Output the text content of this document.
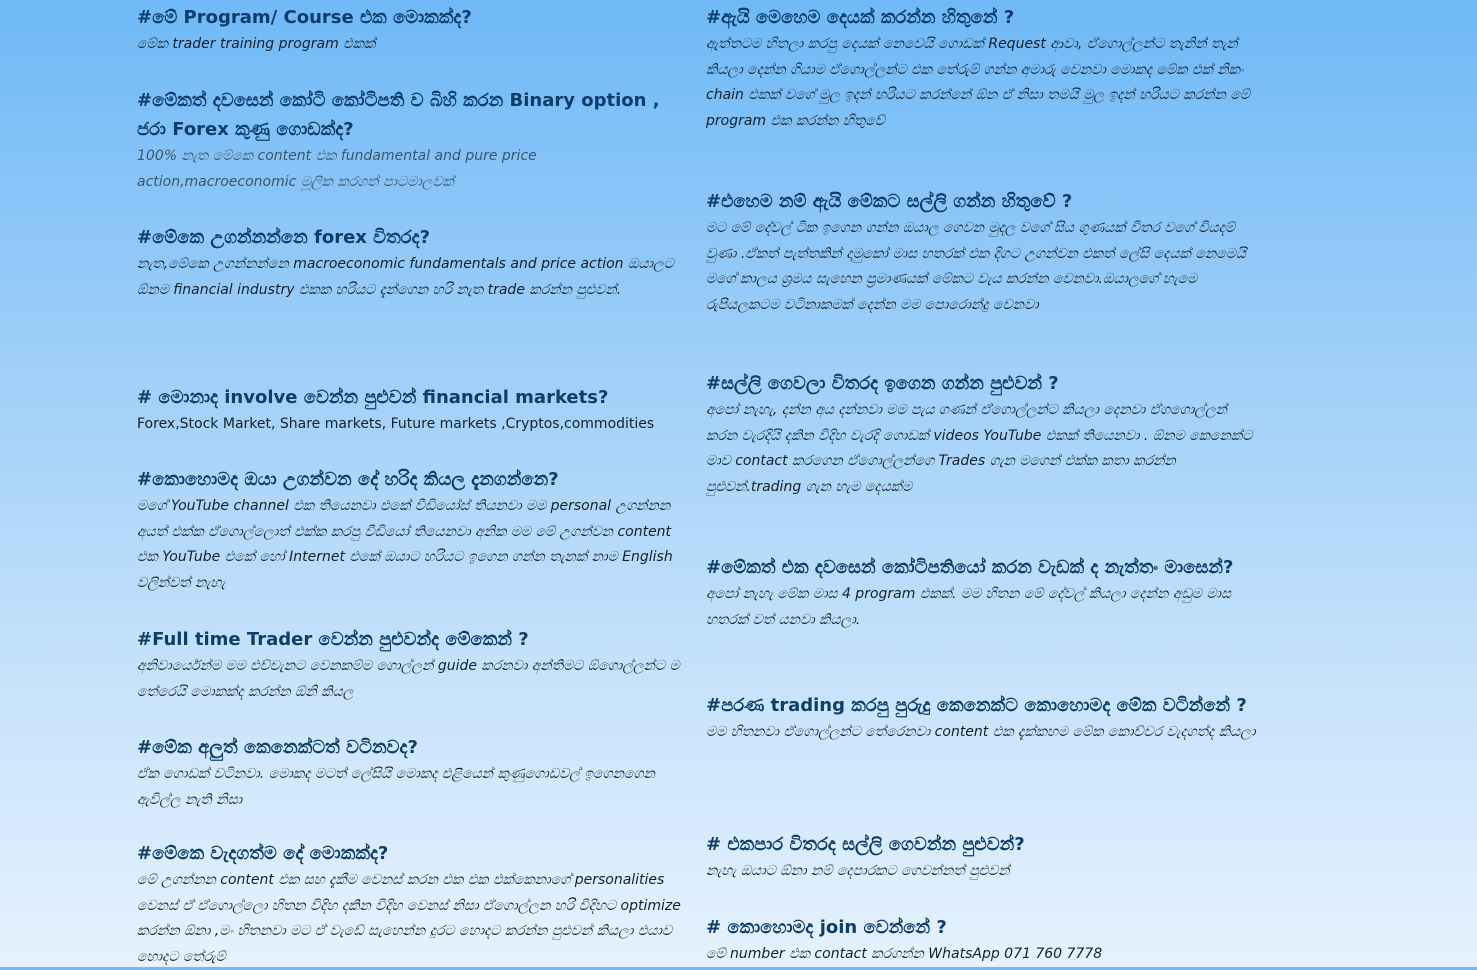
#මේ Program/ Course එක මොකක්ද?

මේක trader training program එකක්

#මේකත් දවසෙන් කෝටි කෝටිපති ව බිහි කරන Binary option , ජරා Forex කුණු ගොඩක්ද?

100% නැත මේකෙ content එක fundamental and pure price action,macroeconomic මූලික කරගත් පාටමාලවක්

#මේකෙ උගන්නන්නෙ forex විතරද?

නැත,මේකෙ උගන්නන්නෙ macroeconomic fundamentals and price action ඔයාලට ඕනම financial industry එකක හරියට දැන්ගෙන හරි නැත trade කරන්න පුළුවන්.

# මොනාද involve වෙන්න පුළුවන් financial markets?

Forex,Stock Market, Share markets, Future markets ,Cryptos,commodities

#කොහොමද ඔයා උගන්වන දේ හරිද කියල දැනගන්නෙ?

මගේ YouTube channel එක තියෙනවා එකේ වීඩියෝස් තියනවා මම personal උගන්නන අයත් එක්ක ඒගොල්ලොත් එක්ක කරපු වීඩියෝ තියෙනවා අනික මම මේ උගන්වන content එක YouTube එකේ හෝ Internet එකේ ඔයාට හරියට ඉගෙන ගන්න තැනක් නාම English වලින්වත් නැහැ

#Full time Trader වෙන්න පුළුවන්ද මේකෙන් ?

අනිවාර්යෙන්ම මම එච්චැනට වෙනකම්ම ගොල්ලන් guide කරනවා අන්තිමට ඕගොල්ලන්ට ම තේරෙයි මොකක්ද කරන්න ඕනි කියල

#මේක අලුත් කෙනෙක්ටත් වටිනවද?

ඒක ගොඩක් වටිනවා. මොකද මටත් ලේසියි මොකද එළියෙන් කුණුගොඩවල් ඉගෙනගෙන ඇවිල්ල නැති නිසා

#මේකෙ වැදගත්ම දේ මොකක්ද?

මේ උගන්නන content එක සහ දැකීම වෙනස් කරන එක එක එක්කෙනාගේ personalities වෙනස් ඒ ඒගොල්ලො හිතන විදිහ දකින විදිහ වෙනස් නිසා ඒගොල්ලන හරි විදිහට optimize කරන්න ඕනා ,මං හිතනවා මට ඒ වැඩේ සැහෙන්න දුරට හොදට කරන්න පුළුවන් කියලා එයාව හොදට තේරුම්

#ඇයි මෙහෙම දෙයක් කරන්න හිතුනේ ?

ඇත්තටම හිතලා කරපු දෙයක් නෙවෙයි ගොඩක් Request ආවා, ඒගොල්ලන්ට තැනින් තැන් කියලා දෙන්න ගියාම ඒගොල්ලන්ට එක තේරුම් ගන්න අමාරු වෙනවා මොකද මේක එක් නිකං chain එකක් වගේ මුල ඉදන් හරියට කරන්නේ ඕන ඒ නිසා තමයි මුල ඉදන් හරියට කරන්න මේ program එක කරන්න හිතුවේ

#එහෙම නම් ඇයි මේකට සල්ලි ගන්න හිතුවේ ?

මට මේ දේවල් ටික ඉගෙන ගන්න ඔයාල ගෙවන මුදල වගේ සිය ගුණයක් විතර වගේ වියදම් වුණා .ඒකත් පැත්තකින් දාමුකෝ මාස හතරක් එක දිගට උගන්වන එකත් ලේසි දෙයක් නෙමෙයි මගේ කාලය ශ්‍රමය සැහෙන ප්‍රමාණයක් මේකට වැය කරන්න වෙනවා.ඔයාලගේ හැමෙ රුපියලකටම වටිනාකමක් දෙන්න මම පොරොන්දු වෙනවා

#සල්ලි ගෙවලා විතරද ඉගෙන ගන්න පුළුවන් ?

අපෝ නැහැ, දන්න අය දන්නවා මම පැය ගණන් ඒගොල්ලන්ට කියලා දෙනවා ඒගගොල්ලන් කරන වැරදියි දකින විදිහ වැරදි ගොඩක් videos YouTube එකක් තියෙනවා . ඕනම කෙනෙක්ට මාව contact කරගෙන ඒගොල්ලන්ගෙ Trades ගැන මගෙන් එක්ක කතා කරන්න පුළුවන්.trading ගැන හැම දෙයක්ම

#මේකත් එක දවසෙන් කෝටිපතියෝ කරන වැඩක් ද නැත්තං මාසෙන්?

අපෝ නැහැ මේක මාස 4 program එකක්. මම හිතන මේ දේවල් කියලා දෙන්න අඩුම මාස හතරක් වත් යනවා කියලා.

#පරණ trading කරපු පුරුදු කෙනෙක්ට කොහොමද මේක වටින්නේ ?

මම හිතනවා ඒගොල්ලන්ට තේරෙනවා content එක දැක්කහම මේක කොච්චර වැදගත්ද කියලා

# එකපාර විතරද සල්ලි ගෙවන්න පුළුවන්?

නැහැ ඔයාට ඕනා නම් දෙපාරකට ගෙවන්නත් පුළුවන්

# කොහොමද join වෙන්නේ ?

මේ number එක contact කරගන්න WhatsApp 071 760 7778
